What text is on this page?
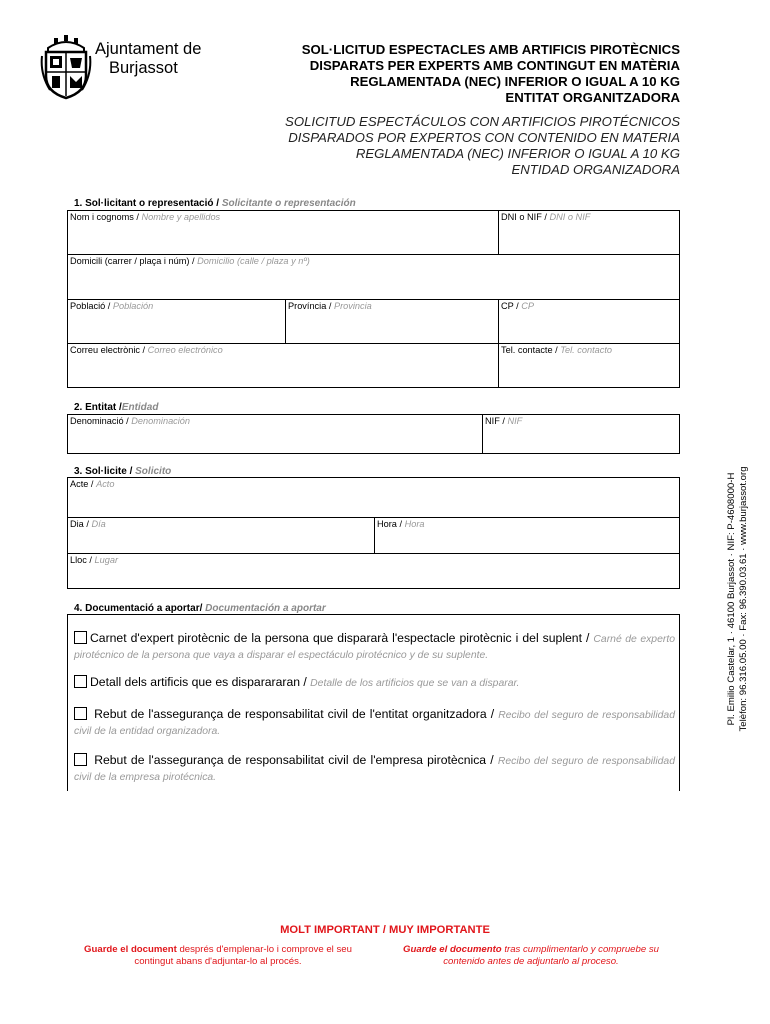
Ajuntament de
Burjassot
SOL·LICITUD ESPECTACLES AMB ARTIFICIS PIROTÈCNICS
DISPARATS PER EXPERTS AMB CONTINGUT EN MATÈRIA
REGLAMENTADA (NEC) INFERIOR O IGUAL A 10 KG
ENTITAT ORGANITZADORA
SOLICITUD ESPECTÁCULOS CON ARTIFICIOS PIROTÉCNICOS
DISPARADOS POR EXPERTOS CON CONTENIDO EN MATERIA
REGLAMENTADA (NEC) INFERIOR O IGUAL A 10 KG
ENTIDAD ORGANIZADORA
1. Sol·licitant o representació / Solicitante o representación
Nom i cognoms / Nombre y apellidos	DNI o NIF / DNI o NIF
Domicili (carrer / plaça i núm) / Domicilio (calle / plaza y nº)
Població / Población	Província / Provincia	CP / CP
Correu electrònic / Correo electrónico	Tel. contacte / Tel. contacto
2. Entitat /Entidad
Denominació / Denominación	NIF / NIF
3. Sol·licite / Solicito
Acte / Acto
Dia / Día	Hora / Hora
Lloc / Lugar
4. Documentació a aportar/ Documentación a aportar
Carnet d'expert pirotècnic de la persona que dispararà l'espectacle pirotècnic i del suplent / Carné de experto pirotécnico de la persona que vaya a disparar el espectáculo pirotécnico y de su suplente.
Detall dels artificis que es disparararan / Detalle de los artificios que se van a disparar.
Rebut de l'assegurança de responsabilitat civil de l'entitat organitzadora / Recibo del seguro de responsabilidad civil de la entidad organizadora.
Rebut de l'assegurança de responsabilitat civil de l'empresa pirotècnica / Recibo del seguro de responsabilidad civil de la empresa pirotécnica.
Pl. Emilio Castelar, 1 · 46100 Burjassot · NIF: P-4608000-H Telèfon: 96.316.05.00 · Fax: 96.390.03.61 · www.burjassot.org
MOLT IMPORTANT / MUY IMPORTANTE
Guarde el document després d'emplenar-lo i comprove el seu contingut abans d'adjuntar-lo al procés.
Guarde el documento tras cumplimentarlo y compruebe su contenido antes de adjuntarlo al proceso.
